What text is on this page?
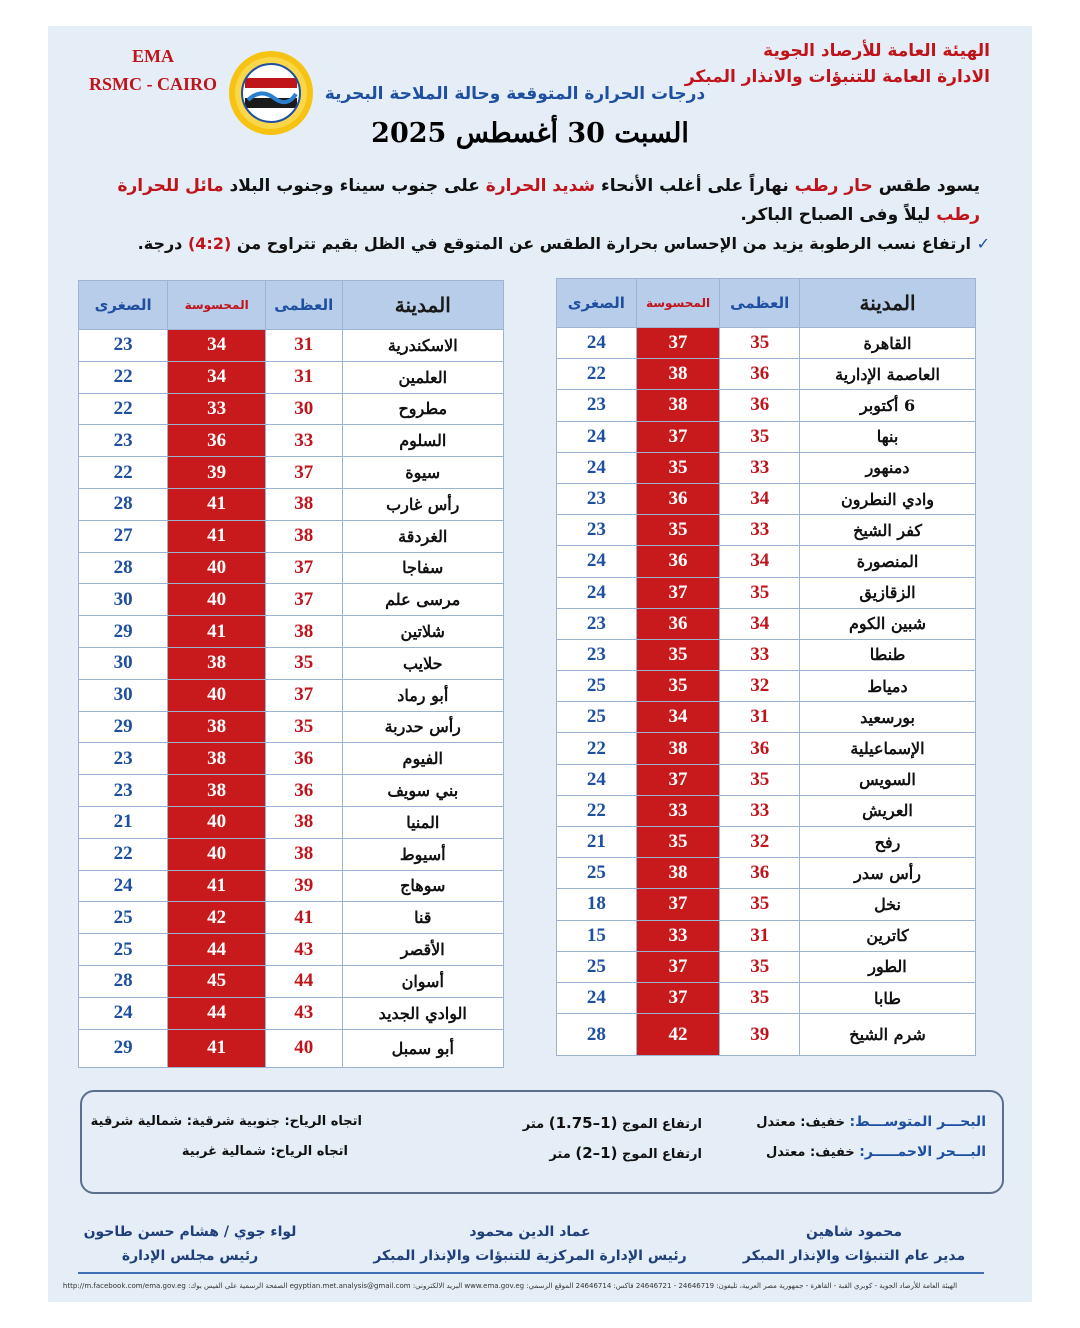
EMA
RSMC - CAIRO
الهيئة العامة للأرصاد الجوية
الادارة العامة للتنبؤات والانذار المبكر
درجات الحرارة المتوقعة وحالة الملاحة البحرية
السبت 30 أغسطس 2025
يسود طقس حار رطب نهاراً على أغلب الأنحاء شديد الحرارة على جنوب سيناء وجنوب البلاد مائل للحرارة رطب ليلاً وفى الصباح الباكر.
✓ ارتفاع نسب الرطوبة يزيد من الإحساس بحرارة الطقس عن المتوقع في الظل بقيم تتراوح من (4:2) درجة.
المدينة	العظمى	المحسوسة	الصغرى
القاهرة	35	37	24
العاصمة الإدارية	36	38	22
6 أكتوبر	36	38	23
بنها	35	37	24
دمنهور	33	35	24
وادي النطرون	34	36	23
كفر الشيخ	33	35	23
المنصورة	34	36	24
الزقازيق	35	37	24
شبين الكوم	34	36	23
طنطا	33	35	23
دمياط	32	35	25
بورسعيد	31	34	25
الإسماعيلية	36	38	22
السويس	35	37	24
العريش	33	33	22
رفح	32	35	21
رأس سدر	36	38	25
نخل	35	37	18
كاترين	31	33	15
الطور	35	37	25
طابا	35	37	24
شرم الشيخ	39	42	28
المدينة	العظمى	المحسوسة	الصغرى
الاسكندرية	31	34	23
العلمين	31	34	22
مطروح	30	33	22
السلوم	33	36	23
سيوة	37	39	22
رأس غارب	38	41	28
الغردقة	38	41	27
سفاجا	37	40	28
مرسى علم	37	40	30
شلاتين	38	41	29
حلايب	35	38	30
أبو رماد	37	40	30
رأس حدربة	35	38	29
الفيوم	36	38	23
بني سويف	36	38	23
المنيا	38	40	21
أسيوط	38	40	22
سوهاج	39	41	24
قنا	41	42	25
الأقصر	43	44	25
أسوان	44	45	28
الوادي الجديد	43	44	24
أبو سمبل	40	41	29
البحـــر المتوســـط: خفيف: معتدل
ارتفاع الموج (1–1.75) متر
اتجاه الرياح: جنوبية شرقية: شمالية شرقية
البـــحر الاحمـــــر: خفيف: معتدل
ارتفاع الموج (1–2) متر
اتجاه الرياح: شمالية غربية
محمود شاهين
مدير عام التنبؤات والإنذار المبكر
عماد الدين محمود
رئيس الإدارة المركزية للتنبؤات والإنذار المبكر
لواء جوي / هشام حسن طاحون
رئيس مجلس الإدارة
الهيئة العامة للأرصاد الجوية - كوبري القبة - القاهرة - جمهورية مصر العربية، تليفون: 24646719 - 24646721 فاكس: 24646714 الموقع الرسمي: www.ema.gov.eg البريد الالكتروني: egyptian.met.analysis@gmail.com الصفحة الرسمية على الفيس بوك: http://m.facebook.com/ema.gov.eg
